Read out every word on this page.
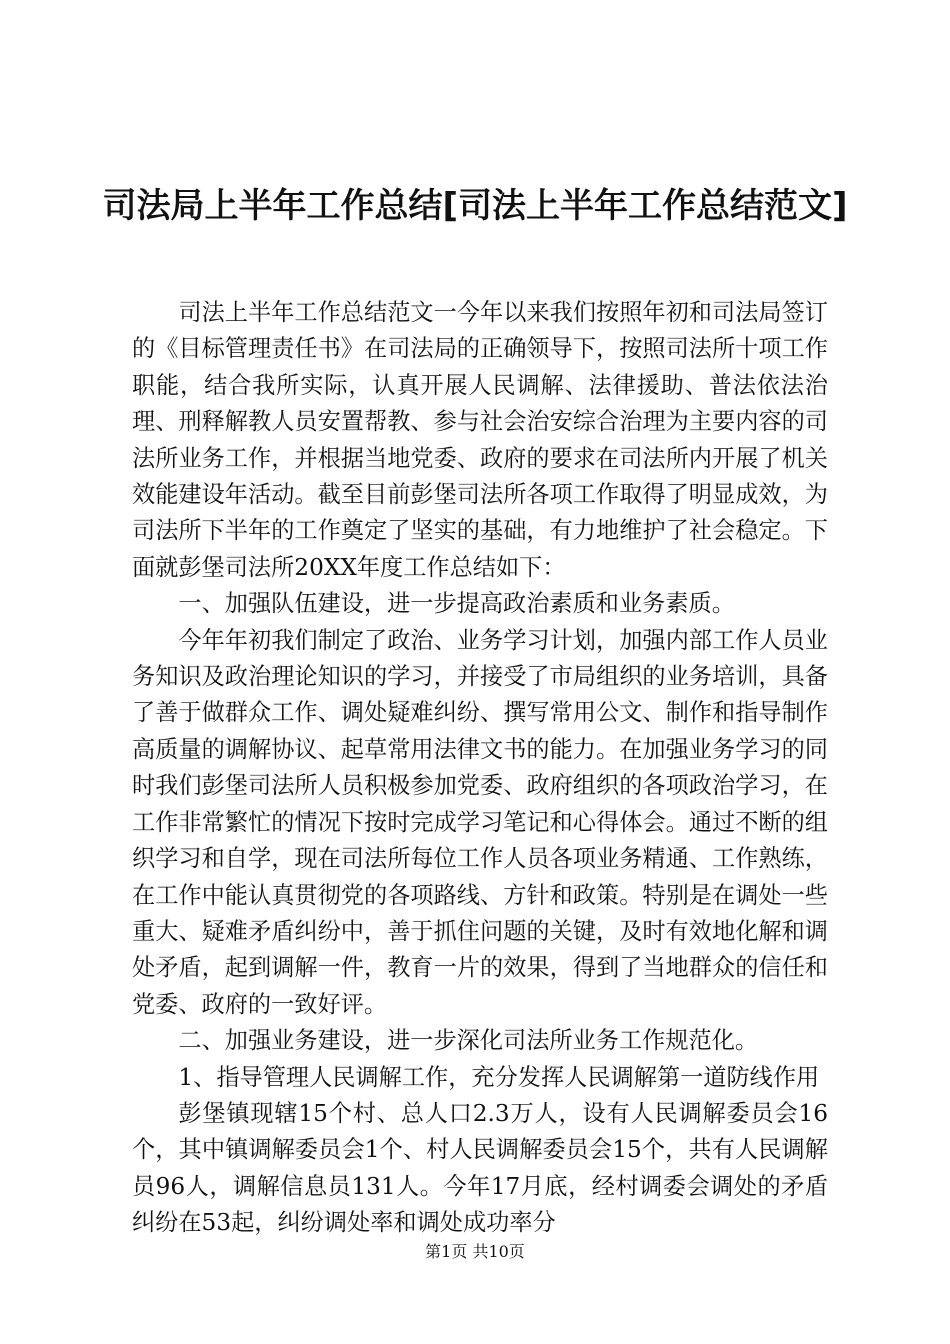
司法局上半年工作总结[司法上半年工作总结范文]

司法上半年工作总结范文一今年以来我们按照年初和司法局签订的《目标管理责任书》在司法局的正确领导下，按照司法所十项工作职能，结合我所实际，认真开展人民调解、法律援助、普法依法治理、刑释解教人员安置帮教、参与社会治安综合治理为主要内容的司法所业务工作，并根据当地党委、政府的要求在司法所内开展了机关效能建设年活动。截至目前彭堡司法所各项工作取得了明显成效，为司法所下半年的工作奠定了坚实的基础，有力地维护了社会稳定。下面就彭堡司法所20XX年度工作总结如下：

一、加强队伍建设，进一步提高政治素质和业务素质。

今年年初我们制定了政治、业务学习计划，加强内部工作人员业务知识及政治理论知识的学习，并接受了市局组织的业务培训，具备了善于做群众工作、调处疑难纠纷、撰写常用公文、制作和指导制作高质量的调解协议、起草常用法律文书的能力。在加强业务学习的同时我们彭堡司法所人员积极参加党委、政府组织的各项政治学习，在工作非常繁忙的情况下按时完成学习笔记和心得体会。通过不断的组织学习和自学，现在司法所每位工作人员各项业务精通、工作熟练，在工作中能认真贯彻党的各项路线、方针和政策。特别是在调处一些重大、疑难矛盾纠纷中，善于抓住问题的关键，及时有效地化解和调处矛盾，起到调解一件，教育一片的效果，得到了当地群众的信任和党委、政府的一致好评。

二、加强业务建设，进一步深化司法所业务工作规范化。

1、指导管理人民调解工作，充分发挥人民调解第一道防线作用

彭堡镇现辖15个村、总人口2.3万人，设有人民调解委员会16个，其中镇调解委员会1个、村人民调解委员会15个，共有人民调解员96人，调解信息员131人。今年17月底，经村调委会调处的矛盾纠纷在53起，纠纷调处率和调处成功率分

第1页 共10页
